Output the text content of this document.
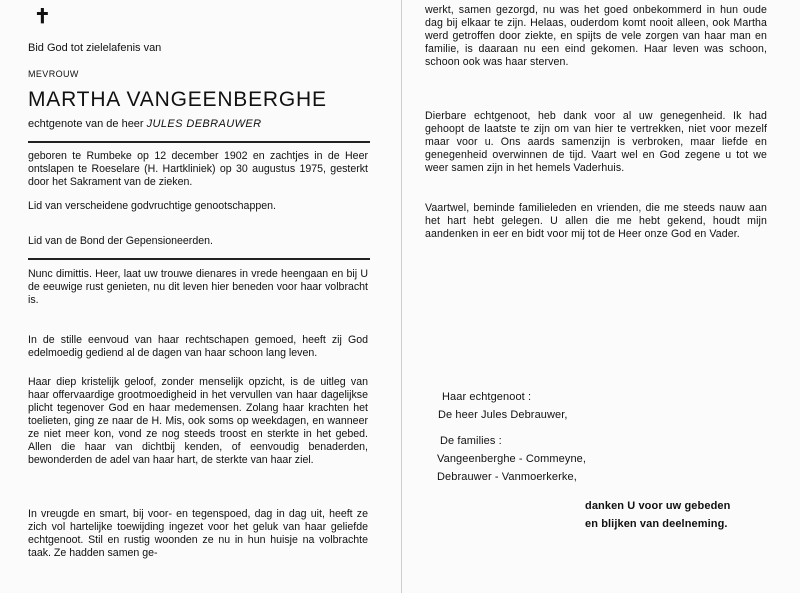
✝
Bid God tot zielelafenis van
MEVROUW
MARTHA VANGEENBERGHE
echtgenote van de heer JULES DEBRAUWER
geboren te Rumbeke op 12 december 1902 en zachtjes in de Heer ontslapen te Roeselare (H. Hartkliniek) op 30 augustus 1975, gesterkt door het Sakrament van de zieken.
Lid van verscheidene godvruchtige genootschappen.
Lid van de Bond der Gepensioneerden.
Nunc dimittis. Heer, laat uw trouwe dienares in vrede heengaan en bij U de eeuwige rust genieten, nu dit leven hier beneden voor haar volbracht is.
In de stille eenvoud van haar rechtschapen gemoed, heeft zij God edelmoedig gediend al de dagen van haar schoon lang leven.
Haar diep kristelijk geloof, zonder menselijk opzicht, is de uitleg van haar offervaardige grootmoedigheid in het vervullen van haar dagelijkse plicht tegenover God en haar medemensen. Zolang haar krachten het toelieten, ging ze naar de H. Mis, ook soms op weekdagen, en wanneer ze niet meer kon, vond ze nog steeds troost en sterkte in het gebed. Allen die haar van dichtbij kenden, of eenvoudig benaderden, bewonderden de adel van haar hart, de sterkte van haar ziel.
In vreugde en smart, bij voor- en tegenspoed, dag in dag uit, heeft ze zich vol hartelijke toewijding ingezet voor het geluk van haar geliefde echtgenoot. Stil en rustig woonden ze nu in hun huisje na volbrachte taak. Ze hadden samen ge-
werkt, samen gezorgd, nu was het goed onbekommerd in hun oude dag bij elkaar te zijn. Helaas, ouderdom komt nooit alleen, ook Martha werd getroffen door ziekte, en spijts de vele zorgen van haar man en familie, is daaraan nu een eind gekomen. Haar leven was schoon, schoon ook was haar sterven.
Dierbare echtgenoot, heb dank voor al uw genegenheid. Ik had gehoopt de laatste te zijn om van hier te vertrekken, niet voor mezelf maar voor u. Ons aards samenzijn is verbroken, maar liefde en genegenheid overwinnen de tijd. Vaart wel en God zegene u tot we weer samen zijn in het hemels Vaderhuis.
Vaartwel, beminde familieleden en vrienden, die me steeds nauw aan het hart hebt gelegen. U allen die me hebt gekend, houdt mijn aandenken in eer en bidt voor mij tot de Heer onze God en Vader.
Haar echtgenoot :
De heer Jules Debrauwer,
De families :
Vangeenberghe - Commeyne,
Debrauwer - Vanmoerkerke,
danken U voor uw gebeden
en blijken van deelneming.
